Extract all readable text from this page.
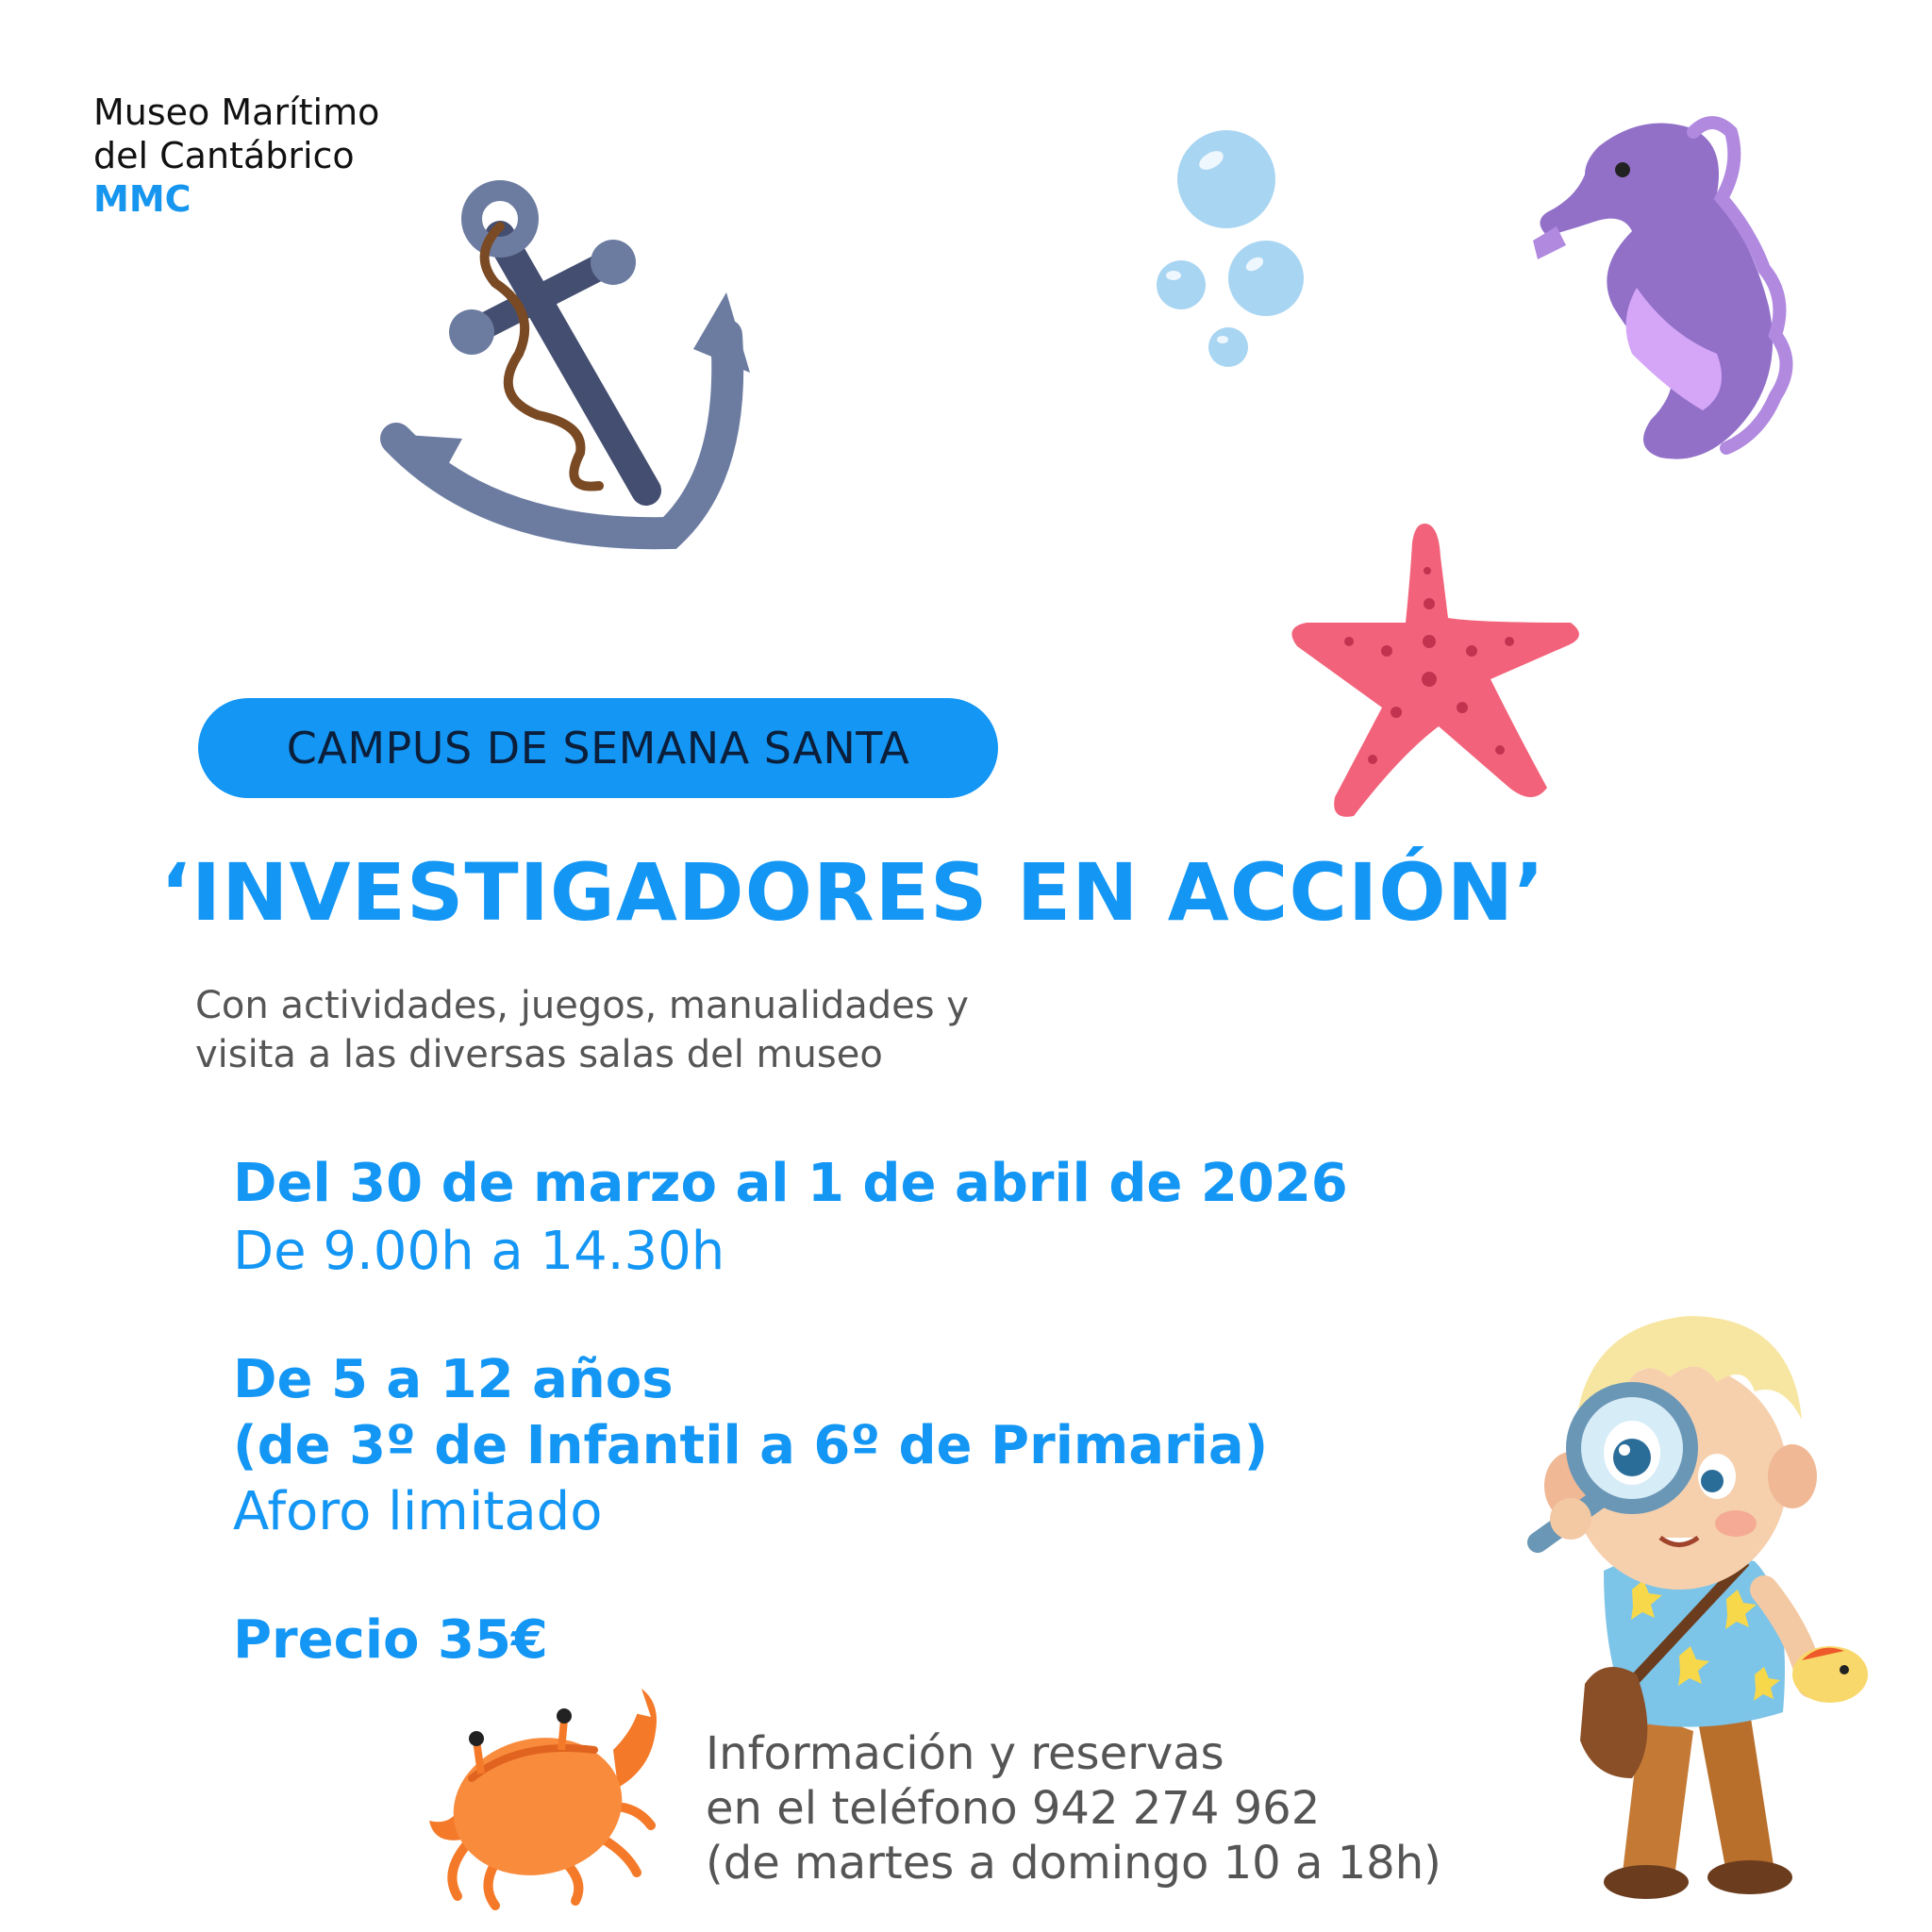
Museo Marítimo
del Cantábrico
MMC
CAMPUS DE SEMANA SANTA
‘INVESTIGADORES EN ACCIÓN’
Con actividades, juegos, manualidades y
visita a las diversas salas del museo
Del 30 de marzo al 1 de abril de 2026
De 9.00h a 14.30h
De 5 a 12 años
(de 3º de Infantil a 6º de Primaria)
Aforo limitado
Precio 35€
Información y reservas
en el teléfono 942 274 962
(de martes a domingo 10 a 18h)
